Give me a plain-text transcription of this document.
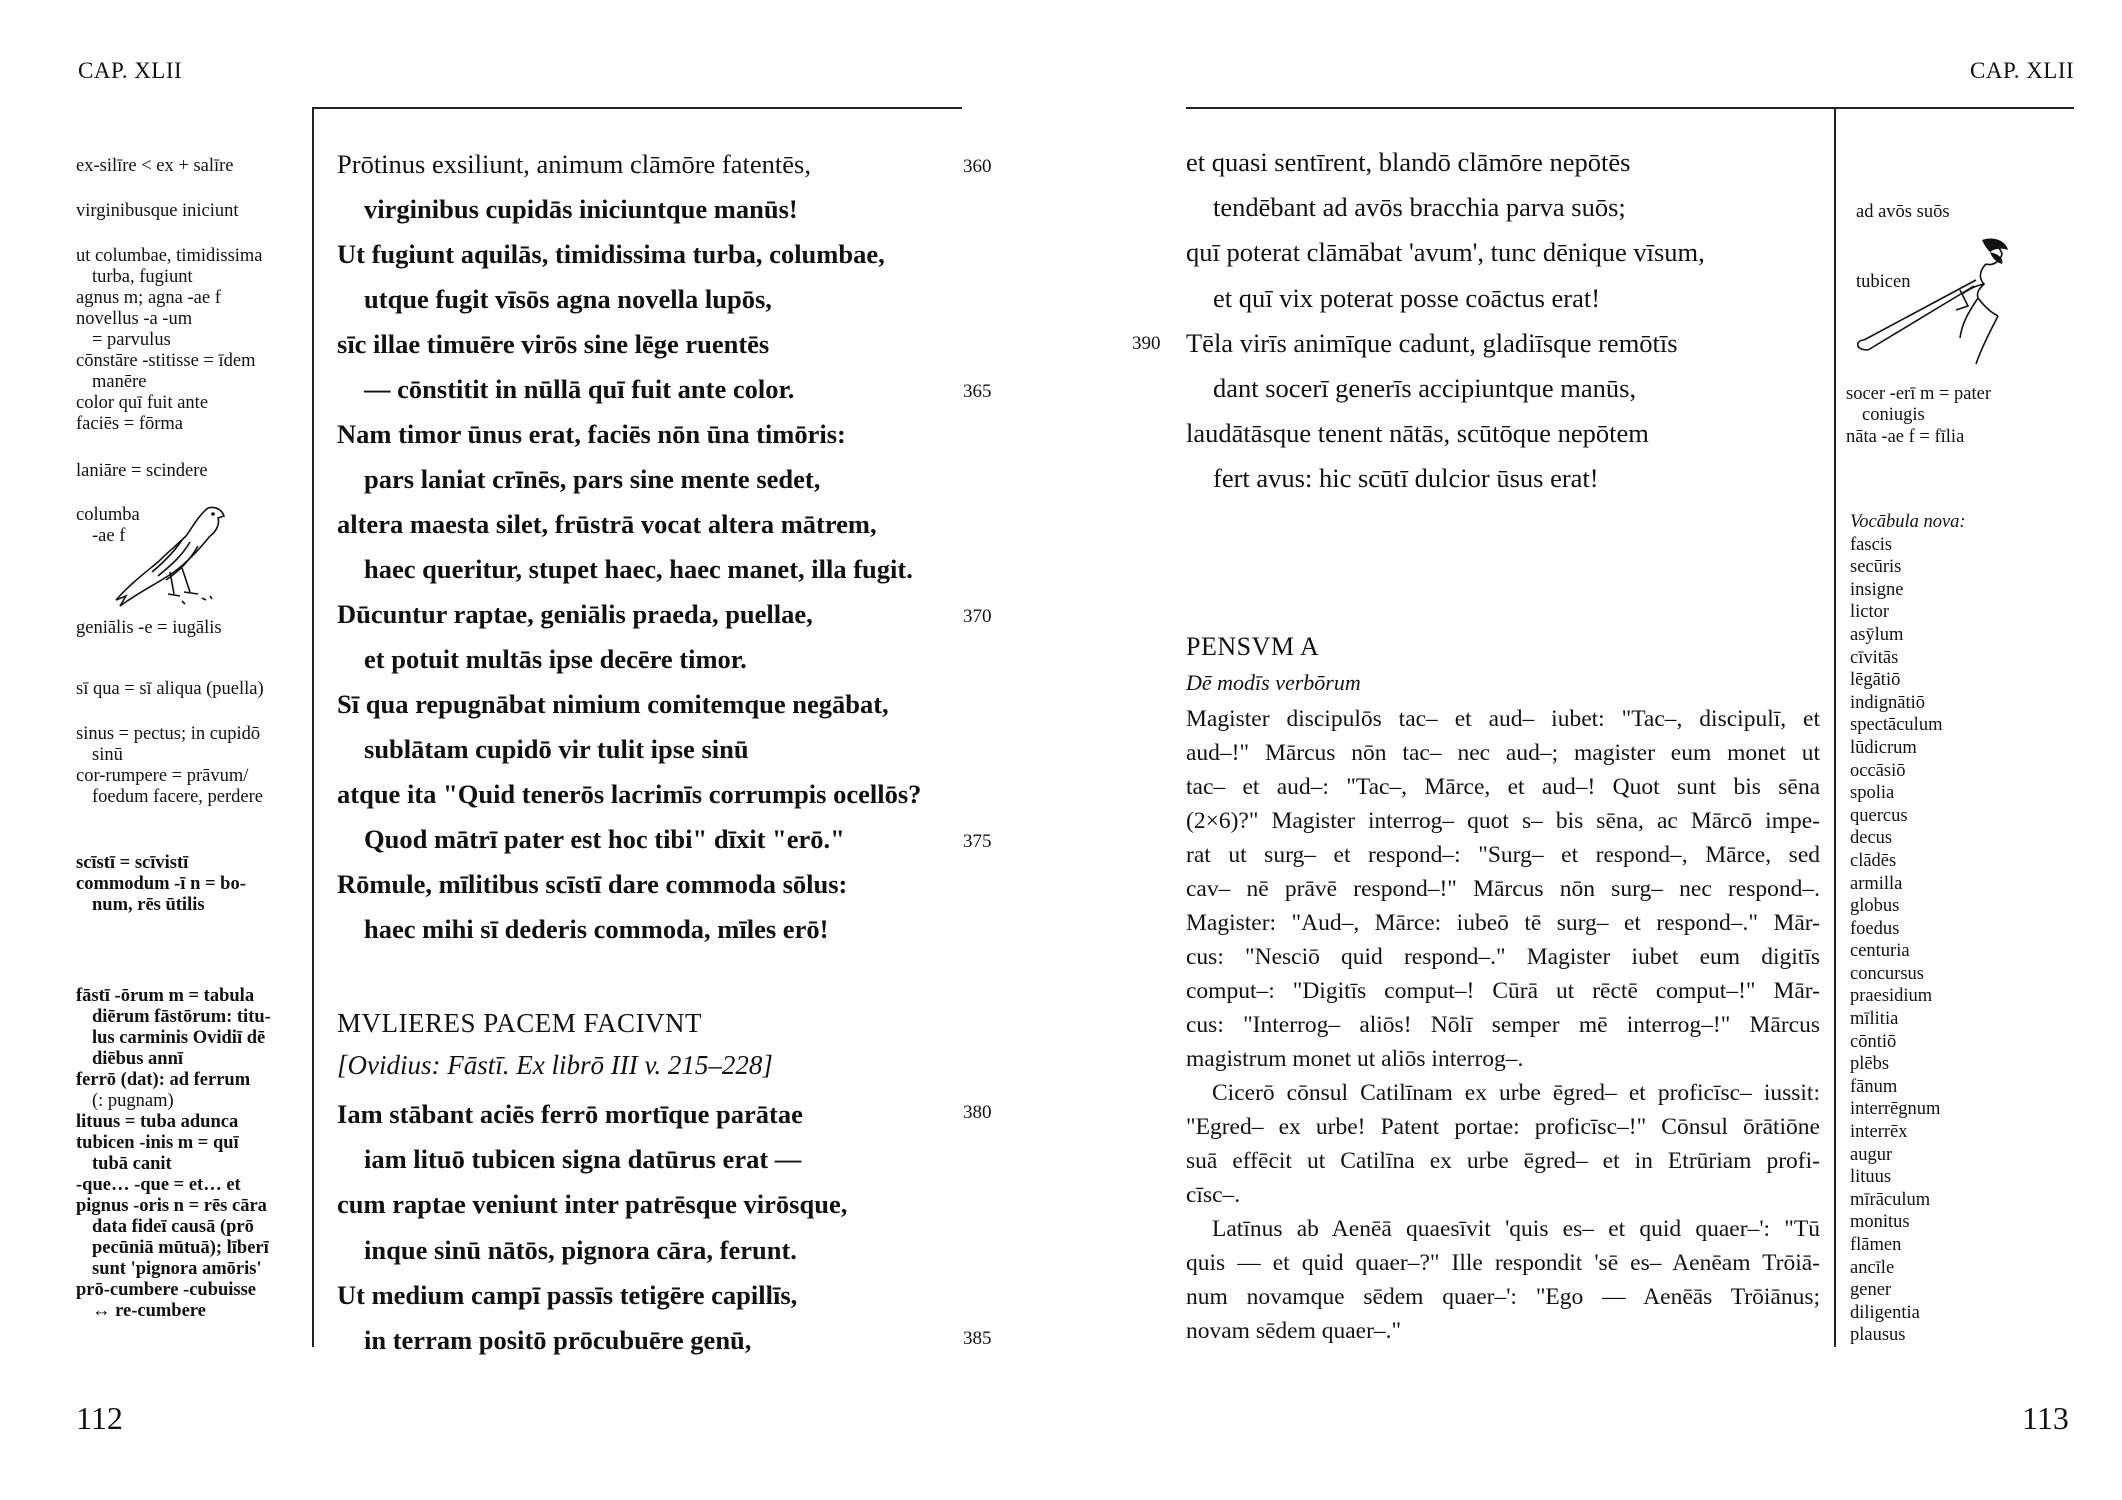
CAP. XLII
ex-silīre < ex + salīre
virginibusque iniciunt
ut columbae, timidissima
turba, fugiunt
agnus m; agna -ae f
novellus -a -um
= parvulus
cōnstāre -stitisse = īdem
manēre
color quī fuit ante
faciēs = fōrma
laniāre = scindere
columba
-ae f
geniālis -e = iugālis
sī qua = sī aliqua (puella)
sinus = pectus; in cupidō
sinū
cor-rumpere = prāvum/
foedum facere, perdere
scīstī = scīvistī
commodum -ī n = bo-
num, rēs ūtilis
fāstī -ōrum m = tabula
diērum fāstōrum: titu-
lus carminis Ovidiī dē
diēbus annī
ferrō (dat): ad ferrum
(: pugnam)
lituus = tuba adunca
tubicen -inis m = quī
tubā canit
-que… -que = et… et
pignus -oris n = rēs cāra
data fideī causā (prō
pecūniā mūtuā); līberī
sunt 'pignora amōris'
prō-cumbere -cubuisse
↔ re-cumbere
Prōtinus exsiliunt, animum clāmōre fatentēs,
virginibus cupidās iniciuntque manūs!
Ut fugiunt aquilās, timidissima turba, columbae,
utque fugit vīsōs agna novella lupōs,
sīc illae timuēre virōs sine lēge ruentēs
— cōnstitit in nūllā quī fuit ante color.
Nam timor ūnus erat, faciēs nōn ūna timōris:
pars laniat crīnēs, pars sine mente sedet,
altera maesta silet, frūstrā vocat altera mātrem,
haec queritur, stupet haec, haec manet, illa fugit.
Dūcuntur raptae, geniālis praeda, puellae,
et potuit multās ipse decēre timor.
Sī qua repugnābat nimium comitemque negābat,
sublātam cupidō vir tulit ipse sinū
atque ita "Quid tenerōs lacrimīs corrumpis ocellōs?
Quod mātrī pater est hoc tibi" dīxit "erō."
Rōmule, mīlitibus scīstī dare commoda sōlus:
haec mihi sī dederis commoda, mīles erō!
360
365
370
375
MVLIERES PACEM FACIVNT
[Ovidius: Fāstī. Ex librō III v. 215–228]
Iam stābant aciēs ferrō mortīque parātae
iam lituō tubicen signa datūrus erat —
cum raptae veniunt inter patrēsque virōsque,
inque sinū nātōs, pignora cāra, ferunt.
Ut medium campī passīs tetigēre capillīs,
in terram positō prōcubuēre genū,
380
385
112
CAP. XLII
et quasi sentīrent, blandō clāmōre nepōtēs
tendēbant ad avōs bracchia parva suōs;
quī poterat clāmābat 'avum', tunc dēnique vīsum,
et quī vix poterat posse coāctus erat!
Tēla virīs animīque cadunt, gladiīsque remōtīs
dant socerī generīs accipiuntque manūs,
laudātāsque tenent nātās, scūtōque nepōtem
fert avus: hic scūtī dulcior ūsus erat!
390
PENSVM A
Dē modīs verbōrum
Magister discipulōs tac– et aud– iubet: "Tac–, discipulī, et
aud–!" Mārcus nōn tac– nec aud–; magister eum monet ut
tac– et aud–: "Tac–, Mārce, et aud–! Quot sunt bis sēna
(2×6)?" Magister interrog– quot s– bis sēna, ac Mārcō impe-
rat ut surg– et respond–: "Surg– et respond–, Mārce, sed
cav– nē prāvē respond–!" Mārcus nōn surg– nec respond–.
Magister: "Aud–, Mārce: iubeō tē surg– et respond–." Mār-
cus: "Nesciō quid respond–." Magister iubet eum digitīs
comput–: "Digitīs comput–! Cūrā ut rēctē comput–!" Mār-
cus: "Interrog– aliōs! Nōlī semper mē interrog–!" Mārcus
magistrum monet ut aliōs interrog–.
Cicerō cōnsul Catilīnam ex urbe ēgred– et proficīsc– iussit:
"Egred– ex urbe! Patent portae: proficīsc–!" Cōnsul ōrātiōne
suā effēcit ut Catilīna ex urbe ēgred– et in Etrūriam profi-
cīsc–.
Latīnus ab Aenēā quaesīvit 'quis es– et quid quaer–': "Tū
quis — et quid quaer–?" Ille respondit 'sē es– Aenēam Trōiā-
num novamque sēdem quaer–': "Ego — Aenēās Trōiānus;
novam sēdem quaer–."
ad avōs suōs
tubicen
socer -erī m = pater
coniugis
nāta -ae f = fīlia
Vocābula nova:
fascis
secūris
insigne
lictor
asȳlum
cīvitās
lēgātiō
indignātiō
spectāculum
lūdicrum
occāsiō
spolia
quercus
decus
clādēs
armilla
globus
foedus
centuria
concursus
praesidium
mīlitia
cōntiō
plēbs
fānum
interrēgnum
interrēx
augur
lituus
mīrāculum
monitus
flāmen
ancīle
gener
diligentia
plausus
113
